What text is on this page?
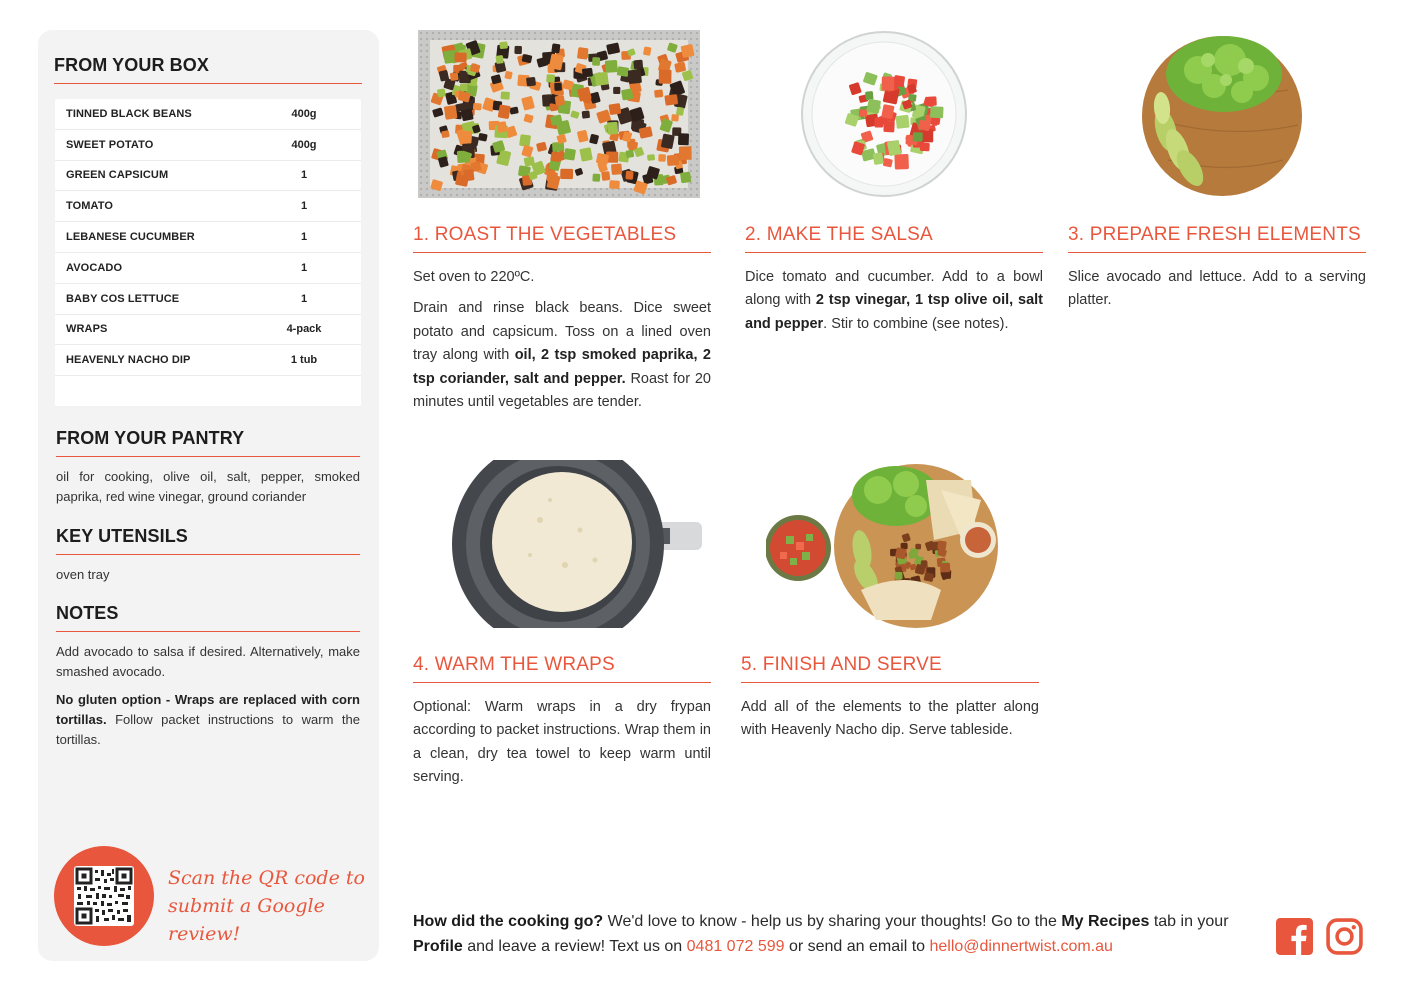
FROM YOUR BOX
TINNED BLACK BEANS	400g
SWEET POTATO	400g
GREEN CAPSICUM	1
TOMATO	1
LEBANESE CUCUMBER	1
AVOCADO	1
BABY COS LETTUCE	1
WRAPS	4-pack
HEAVENLY NACHO DIP	1 tub
FROM YOUR PANTRY
oil for cooking, olive oil, salt, pepper, smoked paprika, red wine vinegar, ground coriander
KEY UTENSILS
oven tray
NOTES
Add avocado to salsa if desired. Alternatively, make smashed avocado.
No gluten option - Wraps are replaced with corn tortillas. Follow packet instructions to warm the tortillas.
Scan the QR code to
submit a Google review!
1. ROAST THE VEGETABLES

Set oven to 220ºC.

Drain and rinse black beans. Dice sweet potato and capsicum. Toss on a lined oven tray along with oil, 2 tsp smoked paprika, 2 tsp coriander, salt and pepper. Roast for 20 minutes until vegetables are tender.

2. MAKE THE SALSA

Dice tomato and cucumber. Add to a bowl along with 2 tsp vinegar, 1 tsp olive oil, salt and pepper. Stir to combine (see notes).

3. PREPARE FRESH ELEMENTS

Slice avocado and lettuce. Add to a serving platter.

4. WARM THE WRAPS

Optional: Warm wraps in a dry frypan according to packet instructions. Wrap them in a clean, dry tea towel to keep warm until serving.

5. FINISH AND SERVE

Add all of the elements to the platter along with Heavenly Nacho dip. Serve tableside.

How did the cooking go? We'd love to know - help us by sharing your thoughts! Go to the My Recipes tab in your Profile and leave a review! Text us on 0481 072 599 or send an email to hello@dinnertwist.com.au
